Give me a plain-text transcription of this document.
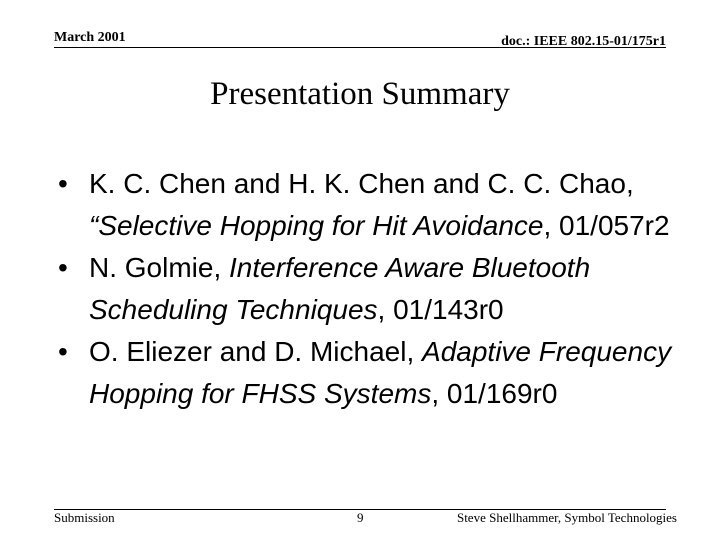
March 2001	doc.: IEEE 802.15-01/175r1
Presentation Summary
• K. C. Chen and H. K. Chen and C. C. Chao, “Selective Hopping for Hit Avoidance, 01/057r2
• N. Golmie, Interference Aware Bluetooth Scheduling Techniques, 01/143r0
• O. Eliezer and D. Michael, Adaptive Frequency Hopping for FHSS Systems, 01/169r0
Submission	9	Steve Shellhammer, Symbol Technologies
